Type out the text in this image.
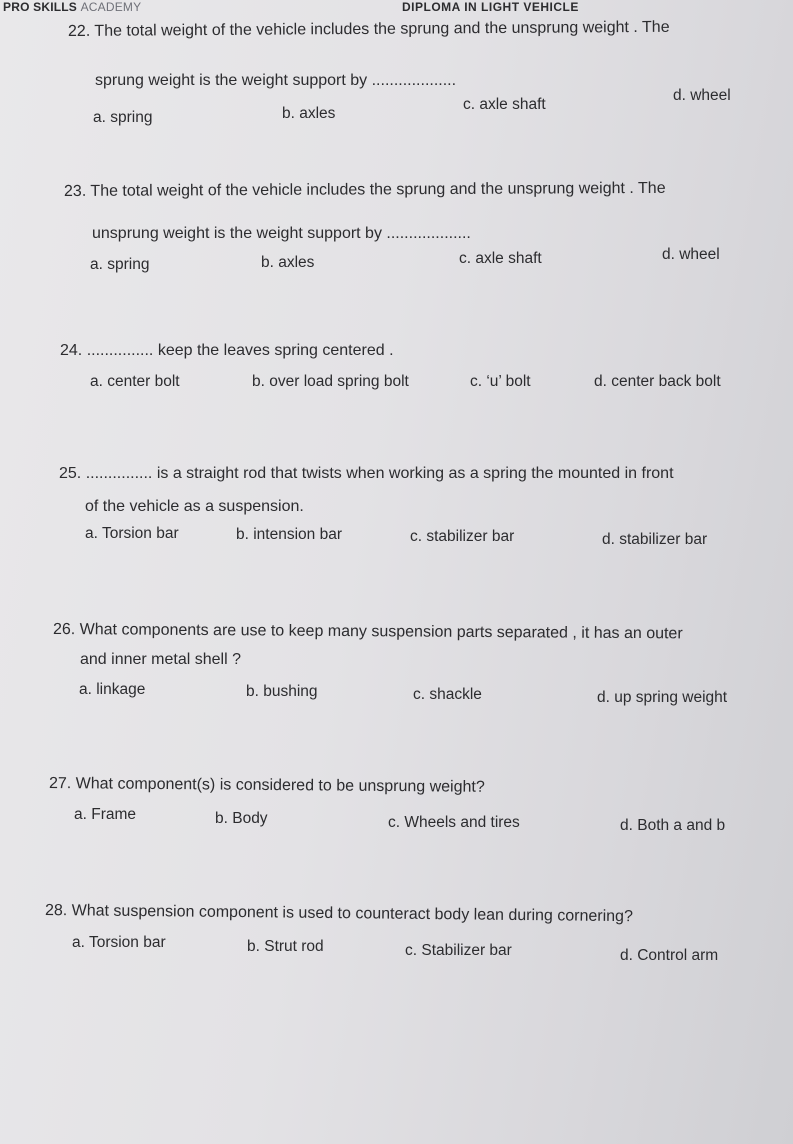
PRO SKILLS ACADEMY	DIPLOMA IN LIGHT VEHICLE
22. The total weight of the vehicle includes the sprung and the unsprung weight . The
sprung weight is the weight support by ...................
a. spring	b. axles
c. axle shaft
d. wheel
23. The total weight of the vehicle includes the sprung and the unsprung weight . The
unsprung weight is the weight support by ...................
a. spring	b. axles	c. axle shaft	d. wheel
24. ............... keep the leaves spring centered .
a. center bolt	b. over load spring bolt	c. ‘u’ bolt	d. center back bolt
25. ............... is a straight rod that twists when working as a spring the mounted in front
of the vehicle as a suspension.
a. Torsion bar	b. intension bar	c. stabilizer bar	d. stabilizer bar
26. What components are use to keep many suspension parts separated , it has an outer
and inner metal shell ?
a. linkage	b. bushing	c. shackle	d. up spring weight
27. What component(s) is considered to be unsprung weight?
a. Frame	b. Body	c. Wheels and tires	d. Both a and b
28. What suspension component is used to counteract body lean during cornering?
a. Torsion bar	b. Strut rod	c. Stabilizer bar	d. Control arm
